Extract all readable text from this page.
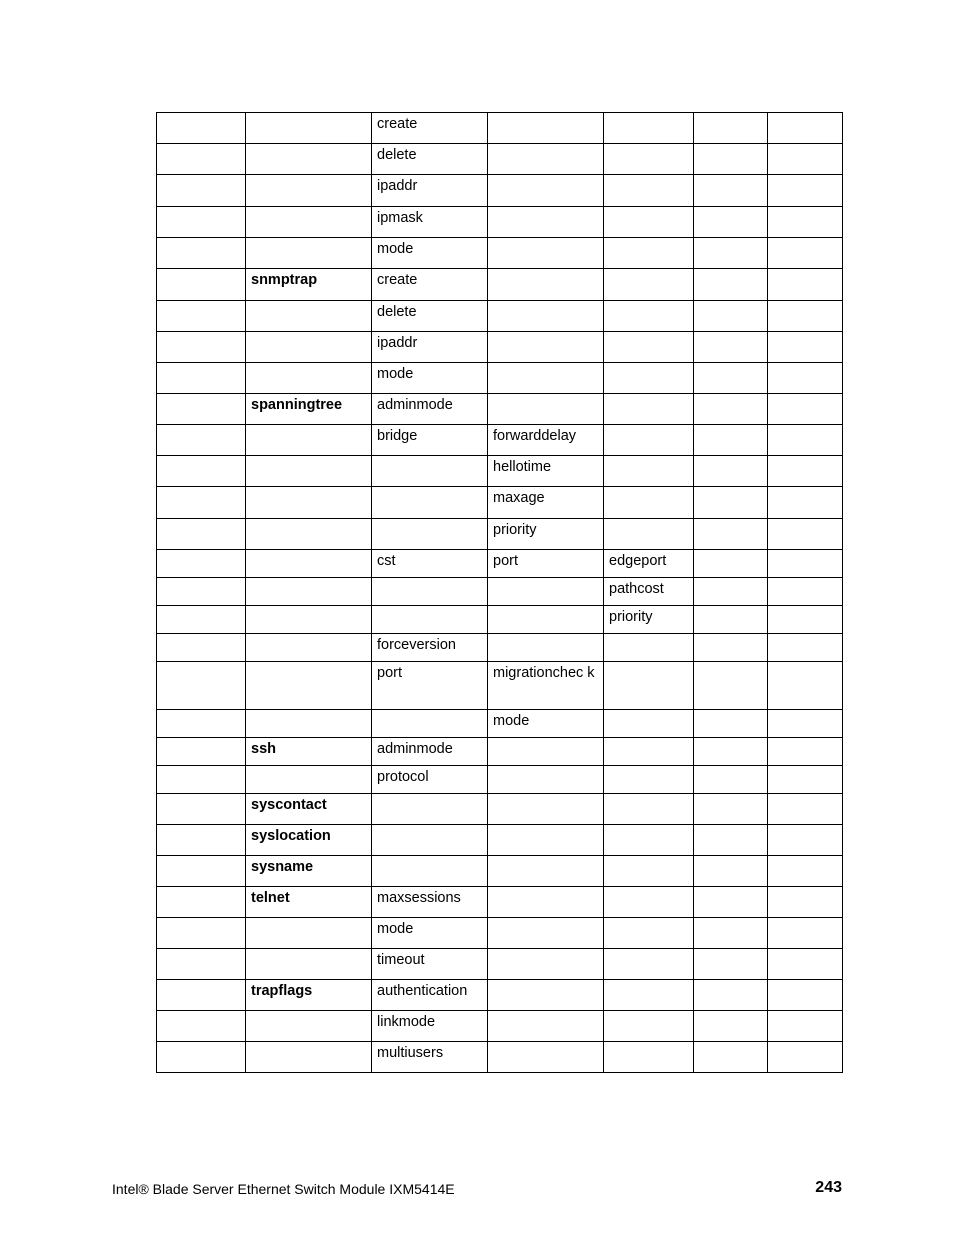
		create				
		delete				
		ipaddr				
		ipmask				
		mode				
	snmptrap	create				
		delete				
		ipaddr				
		mode				
	spanningtree	adminmode				
		bridge	forwarddelay			
			hellotime			
			maxage			
			priority			
		cst	port	edgeport		
				pathcost		
				priority		
		forceversion				
		port	migrationchec k			
			mode			
	ssh	adminmode				
		protocol				
	syscontact					
	syslocation					
	sysname					
	telnet	maxsessions				
		mode				
		timeout				
	trapflags	authentication				
		linkmode				
		multiusers				
Intel® Blade Server Ethernet Switch Module IXM5414E	243
